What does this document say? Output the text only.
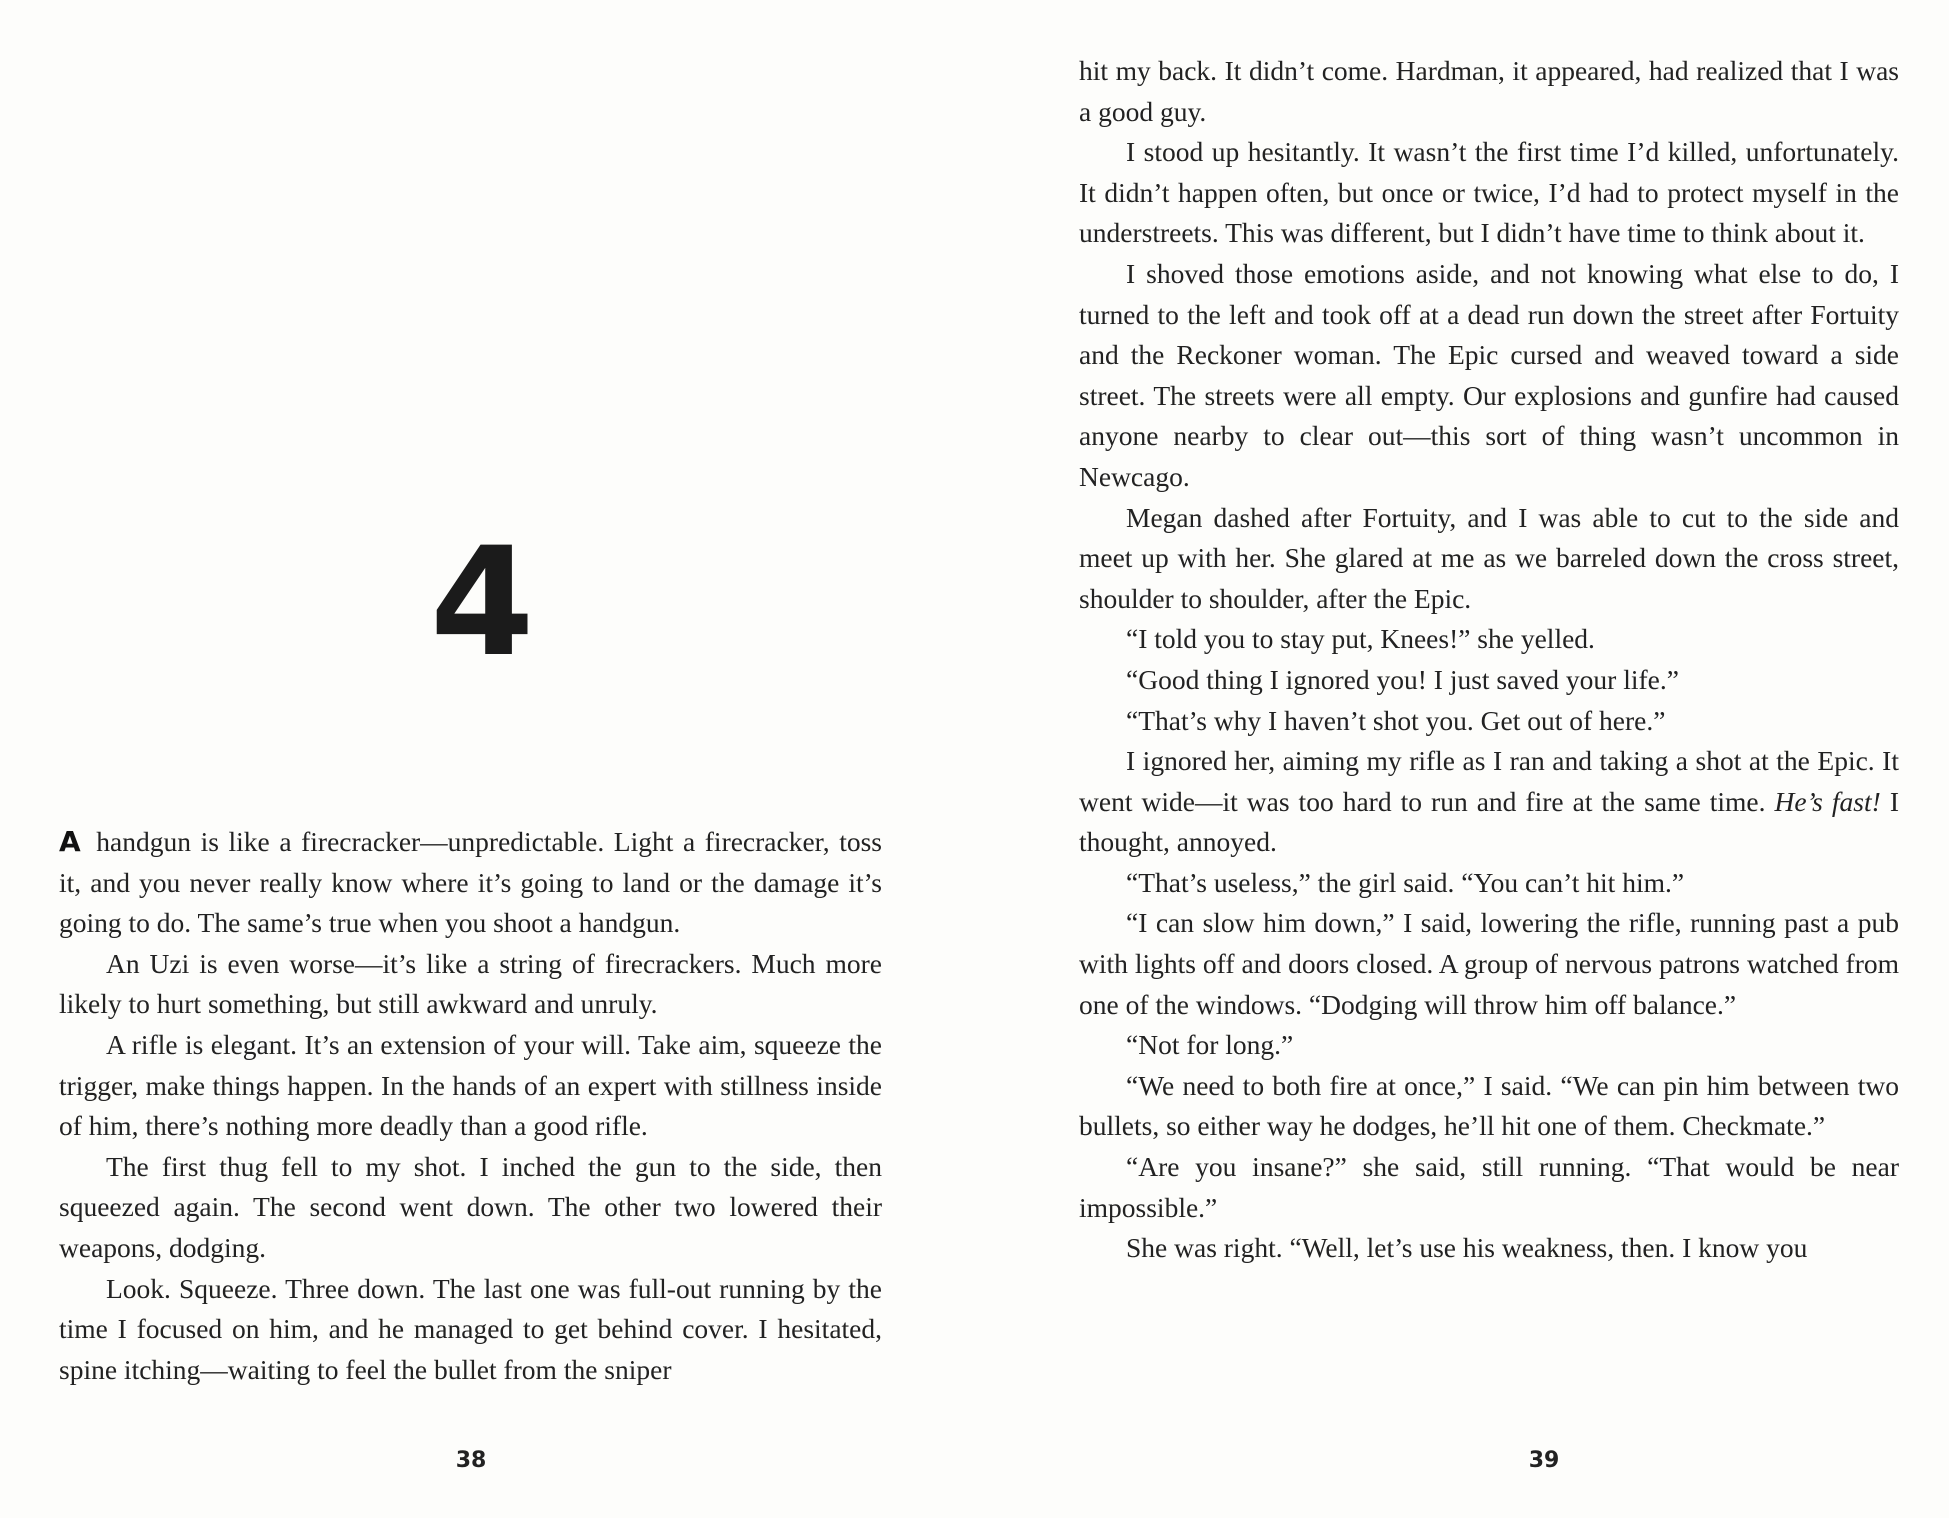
4

A handgun is like a firecracker—unpredictable. Light a firecracker, toss it, and you never really know where it’s going to land or the damage it’s going to do. The same’s true when you shoot a handgun.

An Uzi is even worse—it’s like a string of firecrackers. Much more likely to hurt something, but still awkward and unruly.

A rifle is elegant. It’s an extension of your will. Take aim, squeeze the trigger, make things happen. In the hands of an expert with stillness inside of him, there’s nothing more deadly than a good rifle.

The first thug fell to my shot. I inched the gun to the side, then squeezed again. The second went down. The other two lowered their weapons, dodging.

Look. Squeeze. Three down. The last one was full-out running by the time I focused on him, and he managed to get behind cover. I hesitated, spine itching—waiting to feel the bullet from the sniper

38

hit my back. It didn’t come. Hardman, it appeared, had realized that I was a good guy.

I stood up hesitantly. It wasn’t the first time I’d killed, unfortunately. It didn’t happen often, but once or twice, I’d had to protect myself in the understreets. This was different, but I didn’t have time to think about it.

I shoved those emotions aside, and not knowing what else to do, I turned to the left and took off at a dead run down the street after Fortuity and the Reckoner woman. The Epic cursed and weaved toward a side street. The streets were all empty. Our explosions and gunfire had caused anyone nearby to clear out—this sort of thing wasn’t uncommon in Newcago.

Megan dashed after Fortuity, and I was able to cut to the side and meet up with her. She glared at me as we barreled down the cross street, shoulder to shoulder, after the Epic.

“I told you to stay put, Knees!” she yelled.

“Good thing I ignored you! I just saved your life.”

“That’s why I haven’t shot you. Get out of here.”

I ignored her, aiming my rifle as I ran and taking a shot at the Epic. It went wide—it was too hard to run and fire at the same time. He’s fast! I thought, annoyed.

“That’s useless,” the girl said. “You can’t hit him.”

“I can slow him down,” I said, lowering the rifle, running past a pub with lights off and doors closed. A group of nervous patrons watched from one of the windows. “Dodging will throw him off balance.”

“Not for long.”

“We need to both fire at once,” I said. “We can pin him between two bullets, so either way he dodges, he’ll hit one of them. Checkmate.”

“Are you insane?” she said, still running. “That would be near impossible.”

She was right. “Well, let’s use his weakness, then. I know you

39
